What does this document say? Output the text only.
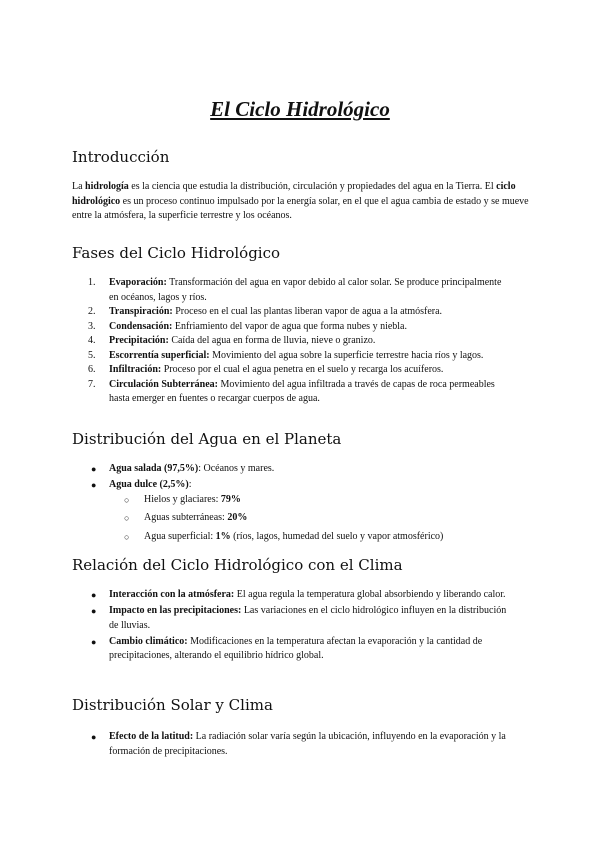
El Ciclo Hidrológico
Introducción

La hidrología es la ciencia que estudia la distribución, circulación y propiedades del agua en la Tierra. El ciclo hidrológico es un proceso continuo impulsado por la energía solar, en el que el agua cambia de estado y se mueve entre la atmósfera, la superficie terrestre y los océanos.

Fases del Ciclo Hidrológico
1. Evaporación: Transformación del agua en vapor debido al calor solar. Se produce principalmente en océanos, lagos y ríos.
2. Transpiración: Proceso en el cual las plantas liberan vapor de agua a la atmósfera.
3. Condensación: Enfriamiento del vapor de agua que forma nubes y niebla.
4. Precipitación: Caída del agua en forma de lluvia, nieve o granizo.
5. Escorrentía superficial: Movimiento del agua sobre la superficie terrestre hacia ríos y lagos.
6. Infiltración: Proceso por el cual el agua penetra en el suelo y recarga los acuíferos.
7. Circulación Subterránea: Movimiento del agua infiltrada a través de capas de roca permeables hasta emerger en fuentes o recargar cuerpos de agua.
Distribución del Agua en el Planeta
● Agua salada (97,5%): Océanos y mares.
● Agua dulce (2,5%):
○ Hielos y glaciares: 79%
○ Aguas subterráneas: 20%
○ Agua superficial: 1% (ríos, lagos, humedad del suelo y vapor atmosférico)
Relación del Ciclo Hidrológico con el Clima
● Interacción con la atmósfera: El agua regula la temperatura global absorbiendo y liberando calor.
● Impacto en las precipitaciones: Las variaciones en el ciclo hidrológico influyen en la distribución de lluvias.
● Cambio climático: Modificaciones en la temperatura afectan la evaporación y la cantidad de precipitaciones, alterando el equilibrio hídrico global.
Distribución Solar y Clima
● Efecto de la latitud: La radiación solar varía según la ubicación, influyendo en la evaporación y la formación de precipitaciones.
